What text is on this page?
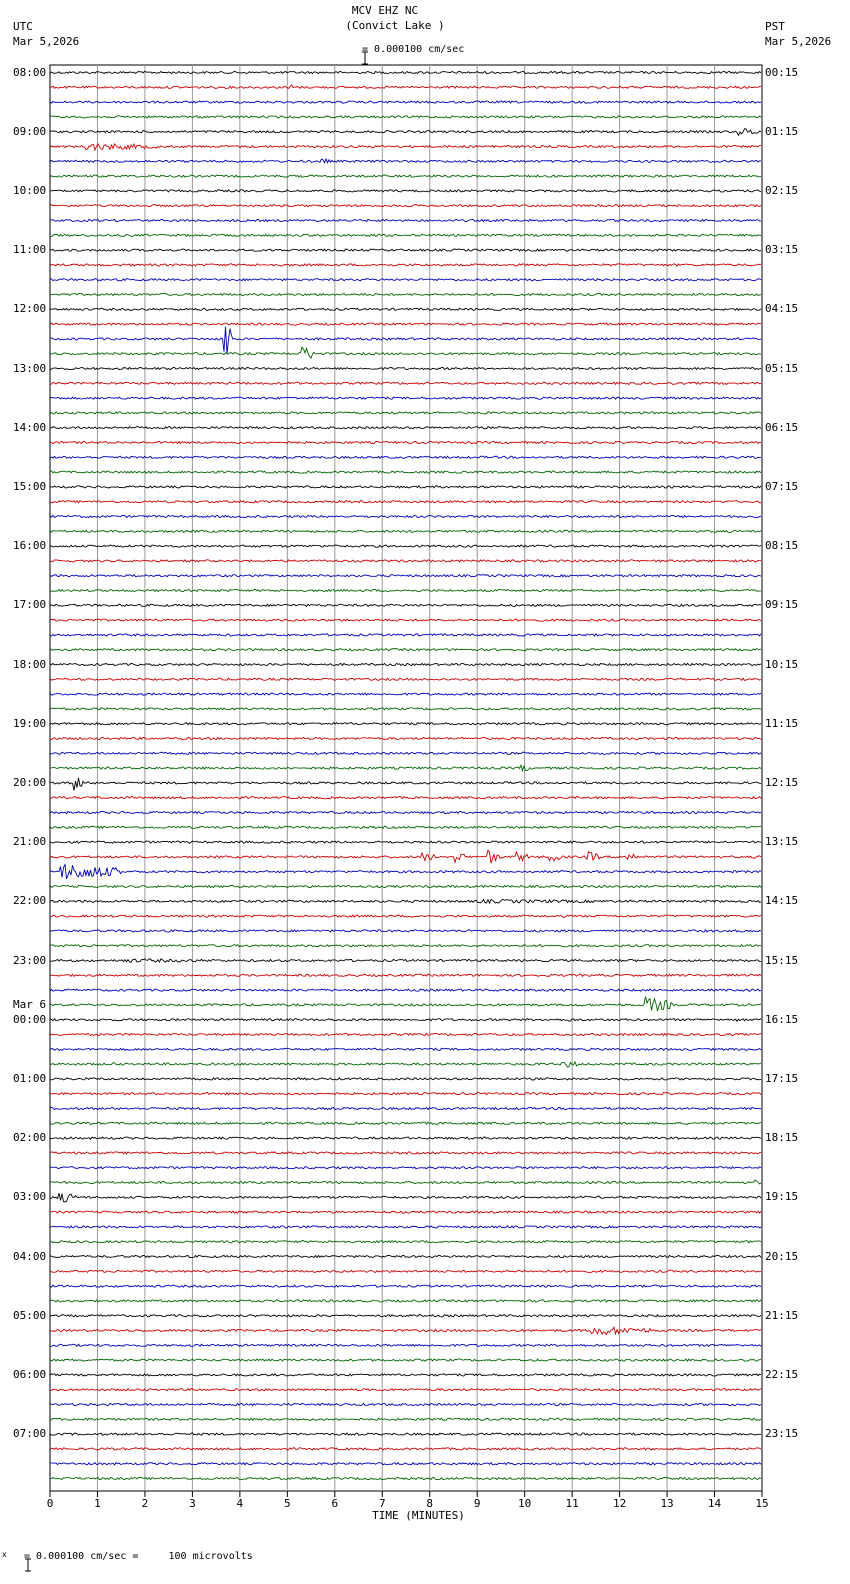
MCV EHZ NC
(Convict Lake )

= 0.000100 cm/sec
UTC
Mar 5,2026
PST
Mar 5,2026
08:00
09:00
10:00
11:00
12:00
13:00
14:00
15:00
16:00
17:00
18:00
19:00
20:00
21:00
22:00
23:00
00:00
01:00
02:00
03:00
04:00
05:00
06:00
07:00
Mar 6
00:15
01:15
02:15
03:15
04:15
05:15
06:15
07:15
08:15
09:15
10:15
11:15
12:15
13:15
14:15
15:15
16:15
17:15
18:15
19:15
20:15
21:15
22:15
23:15
0	1	2	3	4	5	6	7	8	9	10	11	12	13	14	15
TIME (MINUTES)
x

= 0.000100 cm/sec =     100 microvolts
